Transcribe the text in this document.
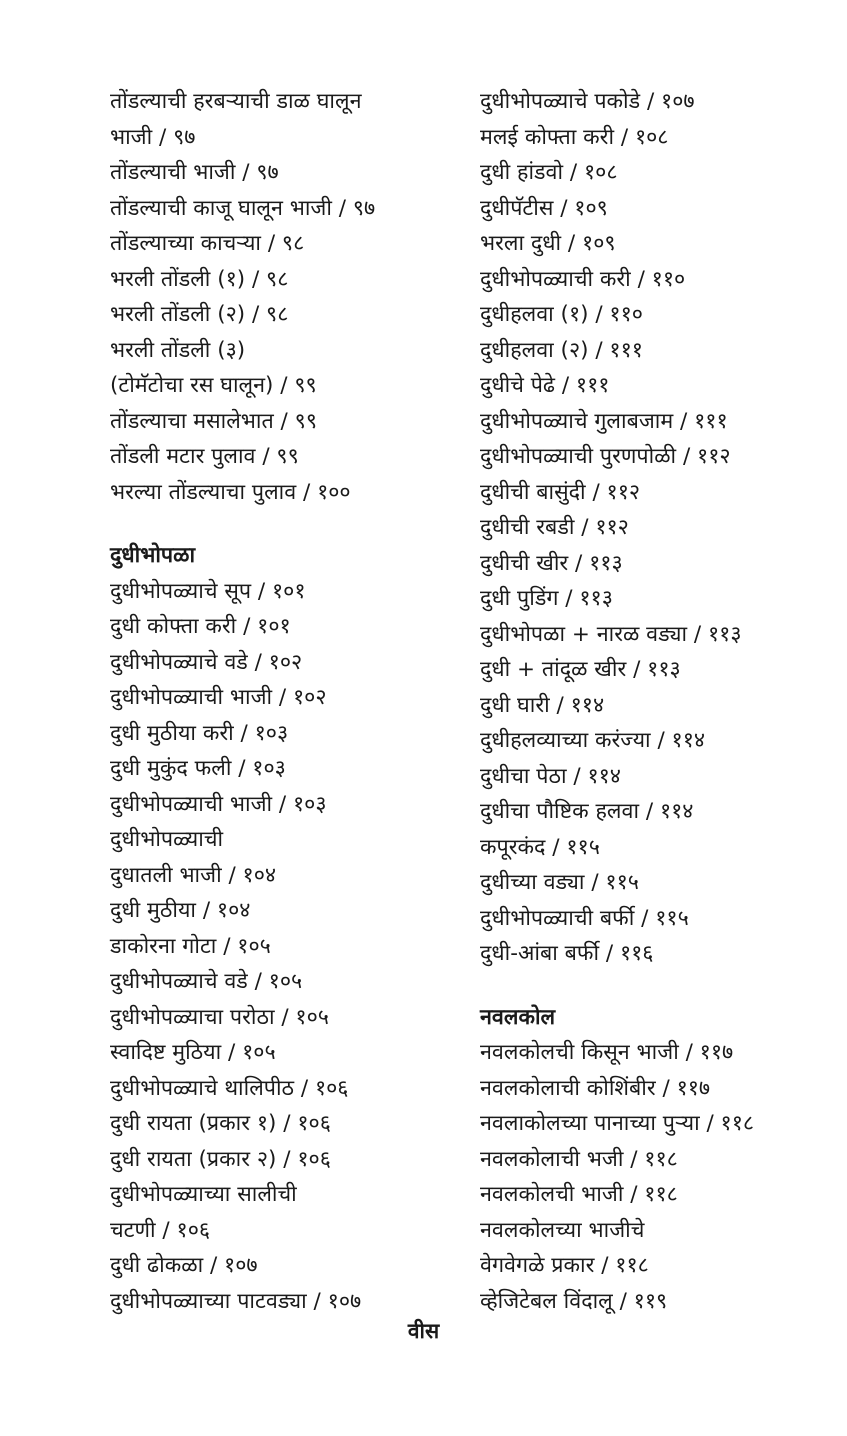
तोंडल्याची हरबऱ्याची डाळ घालून
भाजी / ९७
तोंडल्याची भाजी / ९७
तोंडल्याची काजू घालून भाजी / ९७
तोंडल्याच्या काचऱ्या / ९८
भरली तोंडली (१) / ९८
भरली तोंडली (२) / ९८
भरली तोंडली (३)
(टोमॅटोचा रस घालून) / ९९
तोंडल्याचा मसालेभात / ९९
तोंडली मटार पुलाव / ९९
भरल्या तोंडल्याचा पुलाव / १००
दुधीभोपळा
दुधीभोपळ्याचे सूप / १०१
दुधी कोफ्ता करी / १०१
दुधीभोपळ्याचे वडे / १०२
दुधीभोपळ्याची भाजी / १०२
दुधी मुठीया करी / १०३
दुधी मुकुंद फली / १०३
दुधीभोपळ्याची भाजी / १०३
दुधीभोपळ्याची
दुधातली भाजी / १०४
दुधी मुठीया / १०४
डाकोरना गोटा / १०५
दुधीभोपळ्याचे वडे / १०५
दुधीभोपळ्याचा परोठा / १०५
स्वादिष्ट मुठिया / १०५
दुधीभोपळ्याचे थालिपीठ / १०६
दुधी रायता (प्रकार १) / १०६
दुधी रायता (प्रकार २) / १०६
दुधीभोपळ्याच्या सालीची
चटणी / १०६
दुधी ढोकळा / १०७
दुधीभोपळ्याच्या पाटवड्या / १०७
दुधीभोपळ्याचे पकोडे / १०७
मलई कोफ्ता करी / १०८
दुधी हांडवो / १०८
दुधीपॅटीस / १०९
भरला दुधी / १०९
दुधीभोपळ्याची करी / ११०
दुधीहलवा (१) / ११०
दुधीहलवा (२) / १११
दुधीचे पेढे / १११
दुधीभोपळ्याचे गुलाबजाम / १११
दुधीभोपळ्याची पुरणपोळी / ११२
दुधीची बासुंदी / ११२
दुधीची रबडी / ११२
दुधीची खीर / ११३
दुधी पुडिंग / ११३
दुधीभोपळा + नारळ वड्या / ११३
दुधी + तांदूळ खीर / ११३
दुधी घारी / ११४
दुधीहलव्याच्या करंज्या / ११४
दुधीचा पेठा / ११४
दुधीचा पौष्टिक हलवा / ११४
कपूरकंद / ११५
दुधीच्या वड्या / ११५
दुधीभोपळ्याची बर्फी / ११५
दुधी-आंबा बर्फी / ११६
नवलकोल
नवलकोलची किसून भाजी / ११७
नवलकोलाची कोशिंबीर / ११७
नवलाकोलच्या पानाच्या पुऱ्या / ११८
नवलकोलाची भजी / ११८
नवलकोलची भाजी / ११८
नवलकोलच्या भाजीचे
वेगवेगळे प्रकार / ११८
व्हेजिटेबल विंदालू / ११९
वीस
